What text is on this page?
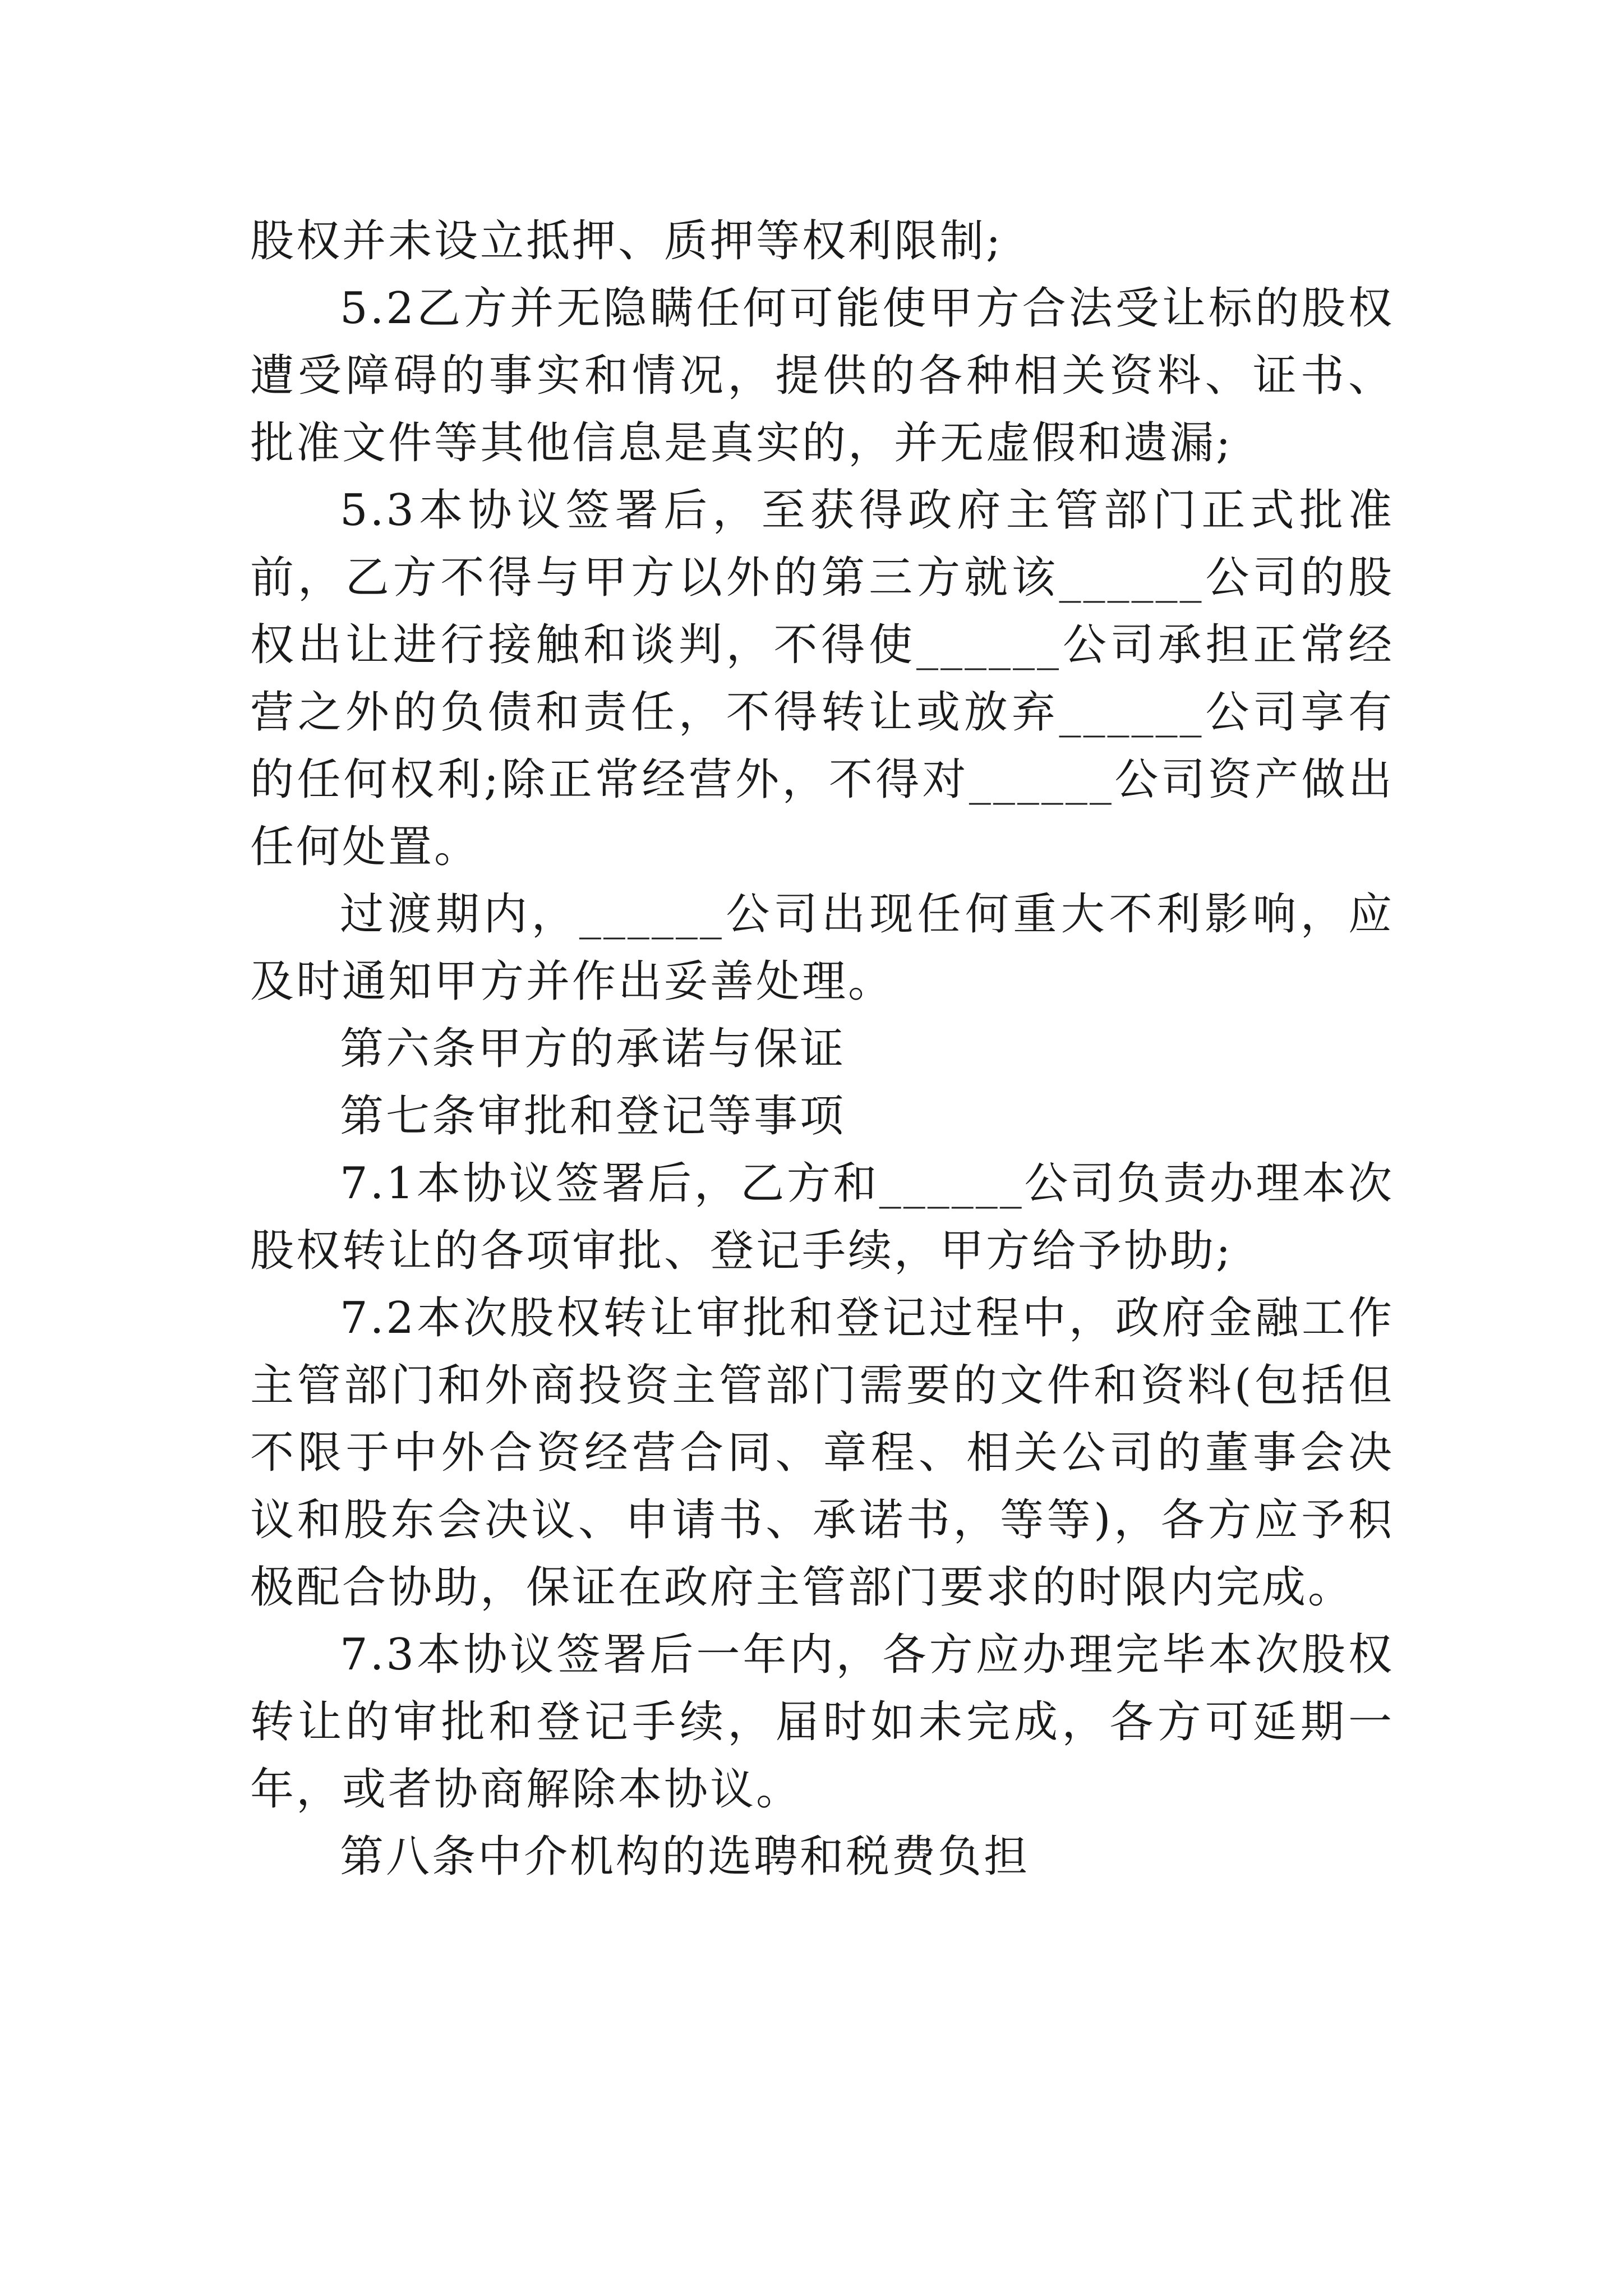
股权并未设立抵押、质押等权利限制;

5.2乙方并无隐瞒任何可能使甲方合法受让标的股权遭受障碍的事实和情况，提供的各种相关资料、证书、批准文件等其他信息是真实的，并无虚假和遗漏;

5.3本协议签署后，至获得政府主管部门正式批准前，乙方不得与甲方以外的第三方就该______公司的股权出让进行接触和谈判，不得使______公司承担正常经营之外的负债和责任，不得转让或放弃______公司享有的任何权利;除正常经营外，不得对______公司资产做出任何处置。

过渡期内，______公司出现任何重大不利影响，应及时通知甲方并作出妥善处理。

第六条甲方的承诺与保证

第七条审批和登记等事项

7.1本协议签署后，乙方和______公司负责办理本次股权转让的各项审批、登记手续，甲方给予协助;

7.2本次股权转让审批和登记过程中，政府金融工作主管部门和外商投资主管部门需要的文件和资料(包括但不限于中外合资经营合同、章程、相关公司的董事会决议和股东会决议、申请书、承诺书，等等)，各方应予积极配合协助，保证在政府主管部门要求的时限内完成。

7.3本协议签署后一年内，各方应办理完毕本次股权转让的审批和登记手续，届时如未完成，各方可延期一年，或者协商解除本协议。

第八条中介机构的选聘和税费负担
